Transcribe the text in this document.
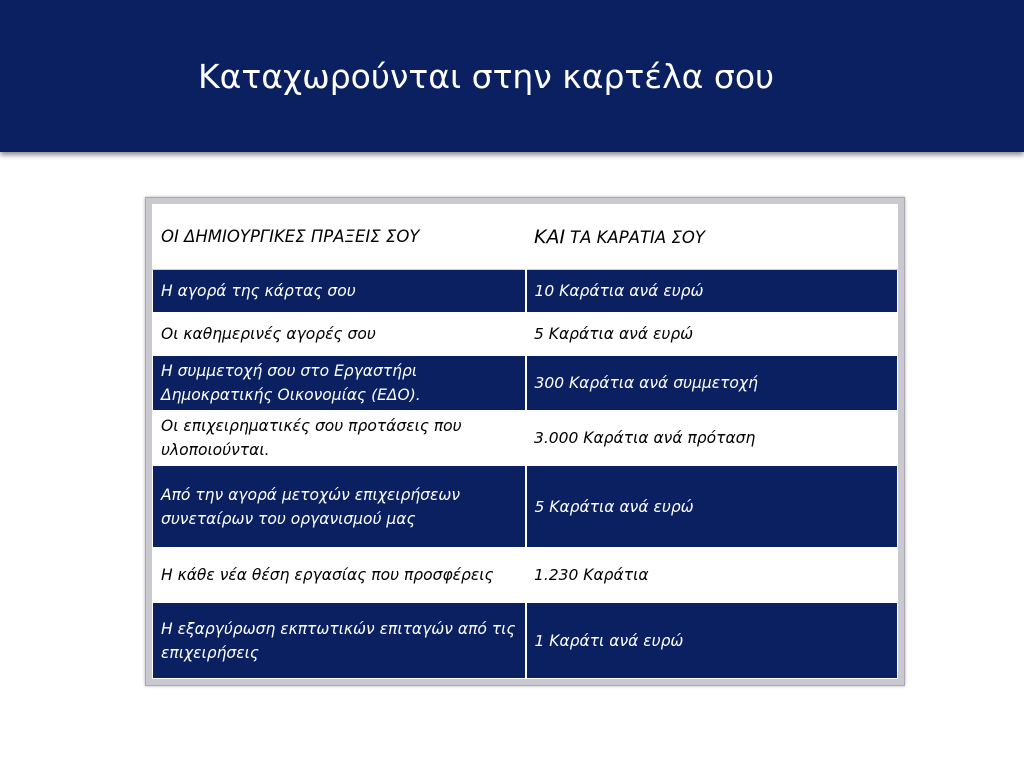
Καταχωρούνται στην καρτέλα σου
ΟΙ ΔΗΜΙΟΥΡΓΙΚΕΣ ΠΡΑΞΕΙΣ ΣΟΥ	ΚΑΙ ΤΑ ΚΑΡΑΤΙΑ ΣΟΥ
Η αγορά της κάρτας σου	10 Καράτια ανά ευρώ
Οι καθημερινές αγορές σου	5 Καράτια ανά ευρώ
Η συμμετοχή σου στο Εργαστήρι Δημοκρατικής Οικονομίας (ΕΔΟ).	300 Καράτια ανά συμμετοχή
Οι επιχειρηματικές σου προτάσεις που υλοποιούνται.	3.000 Καράτια ανά πρόταση
Από την αγορά μετοχών επιχειρήσεων συνεταίρων του οργανισμού μας	5 Καράτια ανά ευρώ
Η κάθε νέα θέση εργασίας που προσφέρεις	1.230 Καράτια
Η εξαργύρωση εκπτωτικών επιταγών από τις επιχειρήσεις	1 Καράτι ανά ευρώ
